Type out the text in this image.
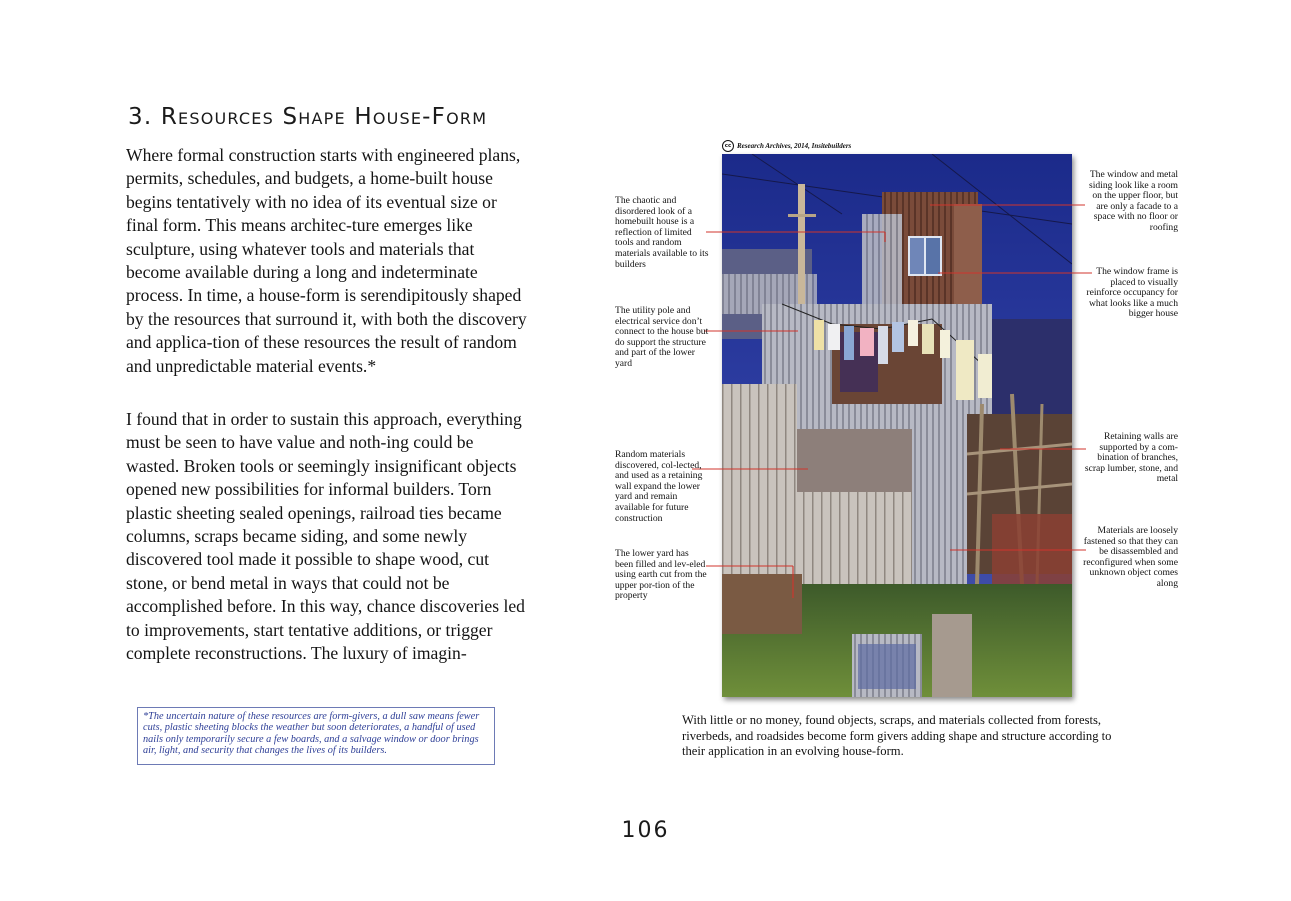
3. Resources Shape House-Form

Where formal construction starts with engineered plans, permits, schedules, and budgets, a home-built house begins tentatively with no idea of its eventual size or final form. This means architec-ture emerges like sculpture, using whatever tools and materials that become available during a long and indeterminate process. In time, a house-form is serendipitously shaped by the resources that surround it, with both the discovery and applica-tion of these resources the result of random and unpredictable material events.*

I found that in order to sustain this approach, everything must be seen to have value and noth-ing could be wasted. Broken tools or seemingly insignificant objects opened new possibilities for informal builders. Torn plastic sheeting sealed openings, railroad ties became columns, scraps became siding, and some newly discovered tool made it possible to shape wood, cut stone, or bend metal in ways that could not be accomplished before. In this way, chance discoveries led to improvements, start tentative additions, or trigger complete reconstructions. The luxury of imagin-

*The uncertain nature of these resources are form-givers, a dull saw means fewer cuts, plastic sheeting blocks the weather but soon deteriorates, a handful of used nails only temporarily secure a few boards, and a salvage window or door brings air, light, and security that changes the lives of its builders.
cc Research Archives, 2014, Insitebuilders
The chaotic and disordered look of a homebuilt house is a reflection of limited tools and random materials available to its builders
The utility pole and electrical service don’t connect to the house but do support the structure and part of the lower yard
Random materials discovered, col-lected, and used as a retaining wall expand the lower yard and remain available for future construction
The lower yard has been filled and lev-eled using earth cut from the upper por-tion of the property
The window and metal siding look like a room on the upper floor, but are only a facade to a space with no floor or roofing
The window frame is placed to visually reinforce occupancy for what looks like a much bigger house
Retaining walls are supported by a com-bination of branches, scrap lumber, stone, and metal
Materials are loosely fastened so that they can be disassembled and reconfigured when some unknown object comes along
With little or no money, found objects, scraps, and materials collected from forests, riverbeds, and roadsides become form givers adding shape and structure according to their application in an evolving house-form.
106
